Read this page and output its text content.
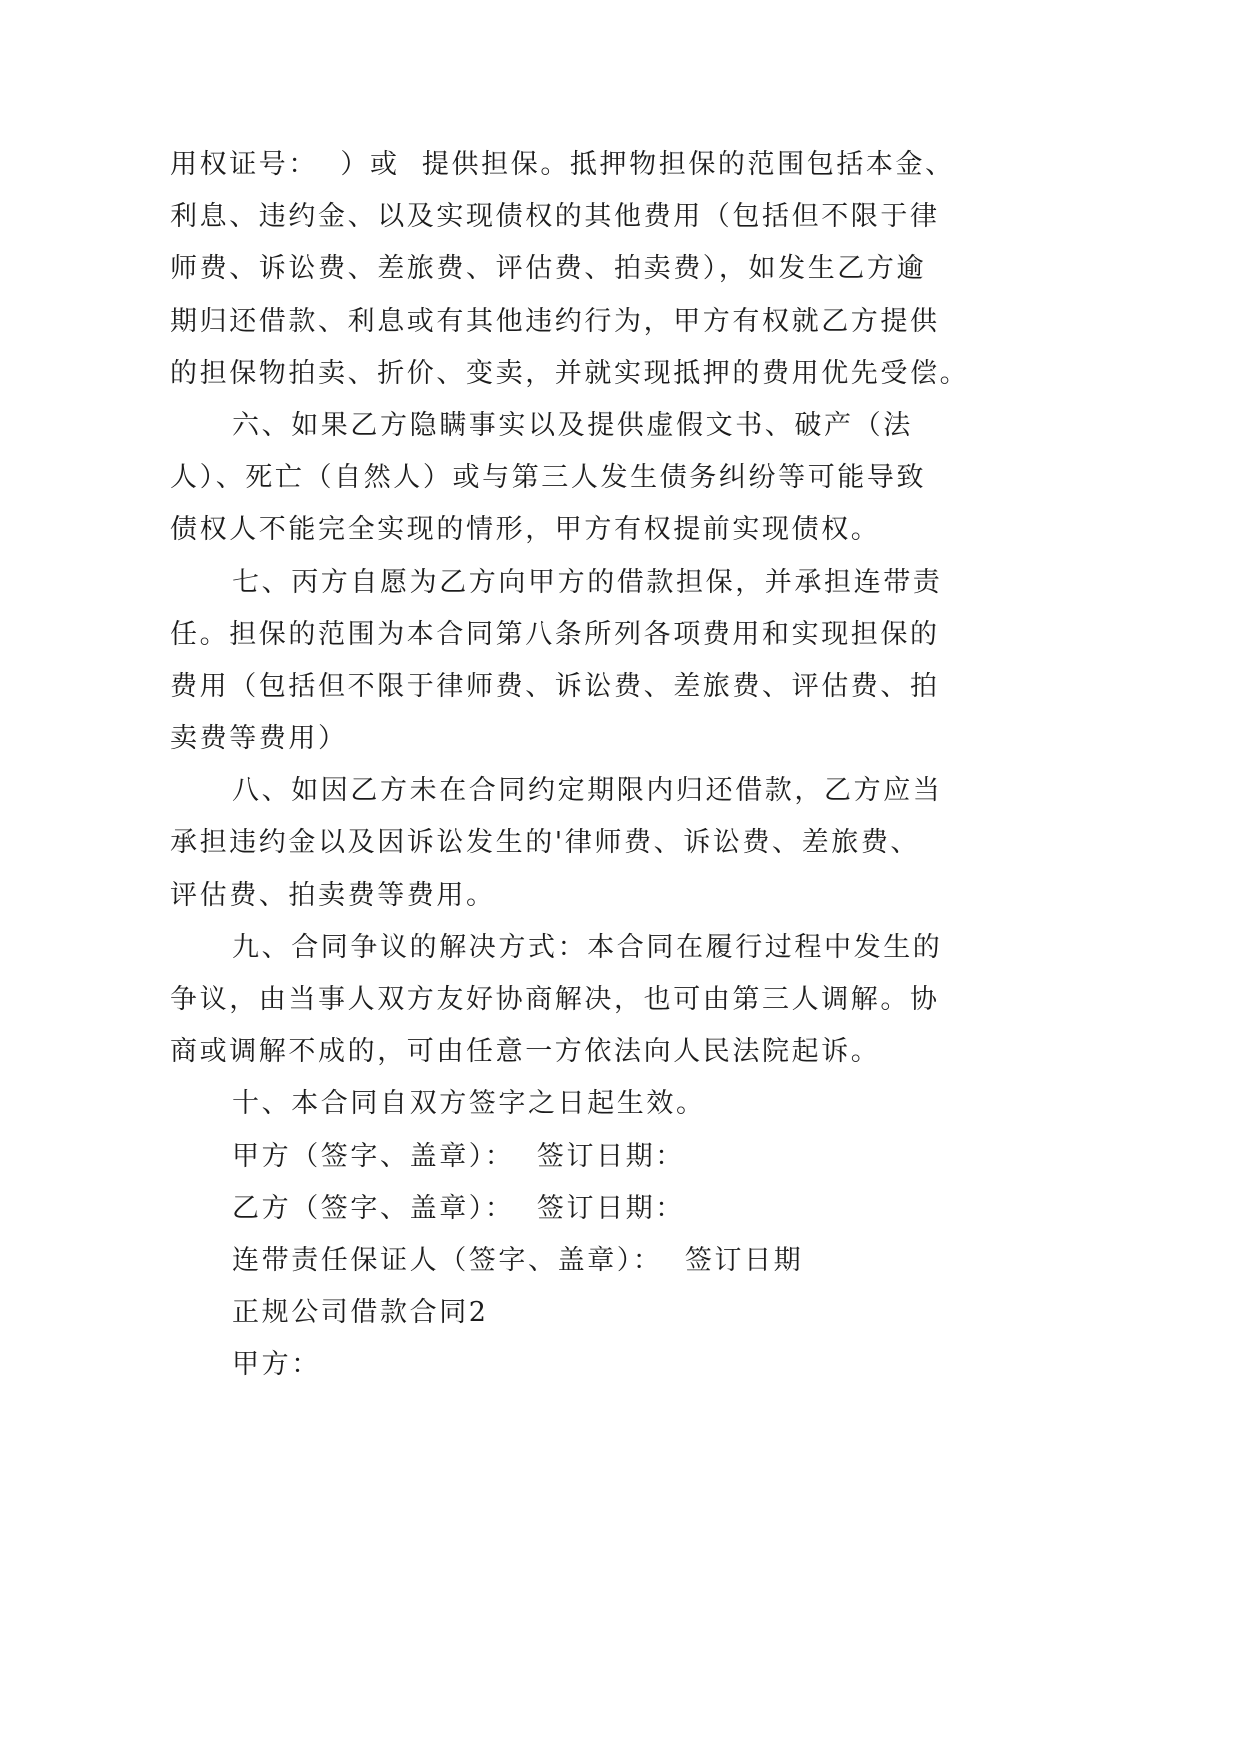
用权证号：  ）或  提供担保。抵押物担保的范围包括本金、
利息、违约金、以及实现债权的其他费用（包括但不限于律
师费、诉讼费、差旅费、评估费、拍卖费），如发生乙方逾
期归还借款、利息或有其他违约行为，甲方有权就乙方提供
的担保物拍卖、折价、变卖，并就实现抵押的费用优先受偿。
六、如果乙方隐瞒事实以及提供虚假文书、破产（法
人）、死亡（自然人）或与第三人发生债务纠纷等可能导致
债权人不能完全实现的情形，甲方有权提前实现债权。
七、丙方自愿为乙方向甲方的借款担保，并承担连带责
任。担保的范围为本合同第八条所列各项费用和实现担保的
费用（包括但不限于律师费、诉讼费、差旅费、评估费、拍
卖费等费用）
八、如因乙方未在合同约定期限内归还借款，乙方应当
承担违约金以及因诉讼发生的'律师费、诉讼费、差旅费、
评估费、拍卖费等费用。
九、合同争议的解决方式：本合同在履行过程中发生的
争议，由当事人双方友好协商解决，也可由第三人调解。协
商或调解不成的，可由任意一方依法向人民法院起诉。
十、本合同自双方签字之日起生效。
甲方（签字、盖章）：  签订日期：
乙方（签字、盖章）：  签订日期：
连带责任保证人（签字、盖章）：  签订日期
正规公司借款合同2
甲方：
